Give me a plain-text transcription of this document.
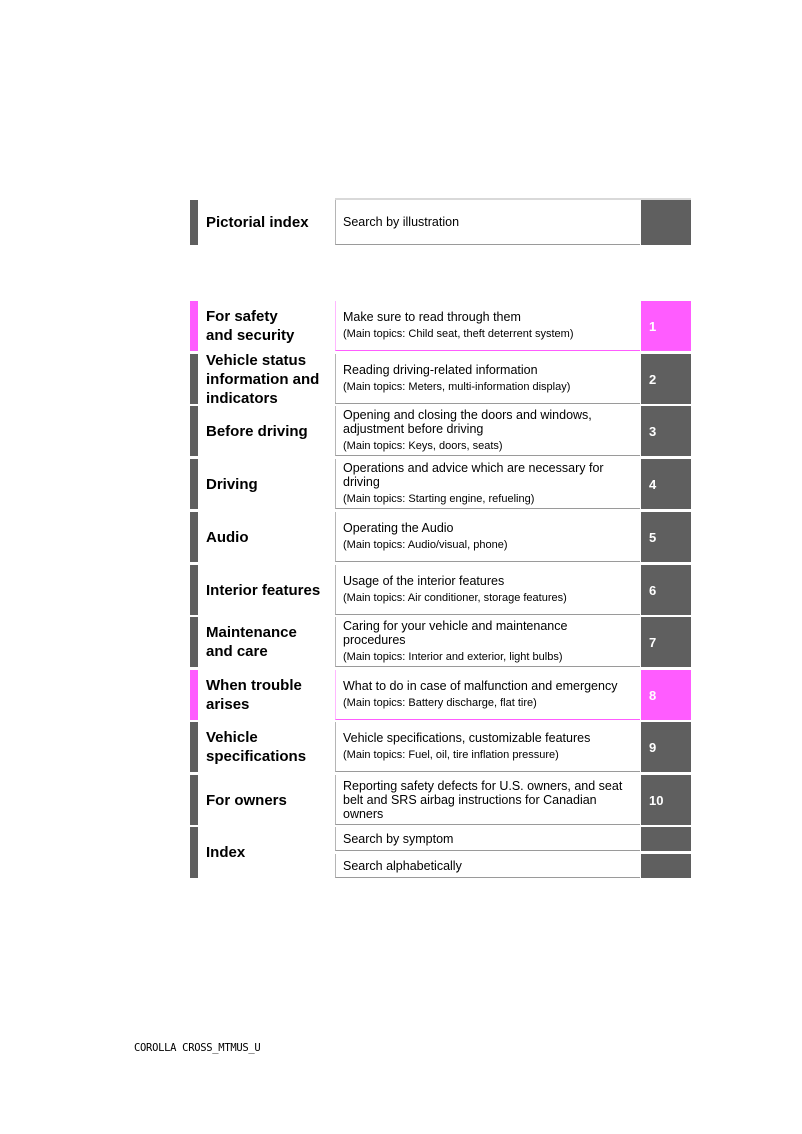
Pictorial index	Search by illustration
For safety
and security
Make sure to read through them
(Main topics: Child seat, theft deterrent system)
1
Vehicle status
information and
indicators
Reading driving-related information
(Main topics: Meters, multi-information display)
2
Before driving
Opening and closing the doors and windows,
adjustment before driving
(Main topics: Keys, doors, seats)
3
Driving
Operations and advice which are necessary for
driving
(Main topics: Starting engine, refueling)
4
Audio
Operating the Audio
(Main topics: Audio/visual, phone)
5
Interior features
Usage of the interior features
(Main topics: Air conditioner, storage features)
6
Maintenance
and care
Caring for your vehicle and maintenance
procedures
(Main topics: Interior and exterior, light bulbs)
7
When trouble
arises
What to do in case of malfunction and emergency
(Main topics: Battery discharge, flat tire)
8
Vehicle
specifications
Vehicle specifications, customizable features
(Main topics: Fuel, oil, tire inflation pressure)
9
For owners
Reporting safety defects for U.S. owners, and seat
belt and SRS airbag instructions for Canadian
owners
10
Index
Search by symptom
Search alphabetically
COROLLA CROSS_MTMUS_U
